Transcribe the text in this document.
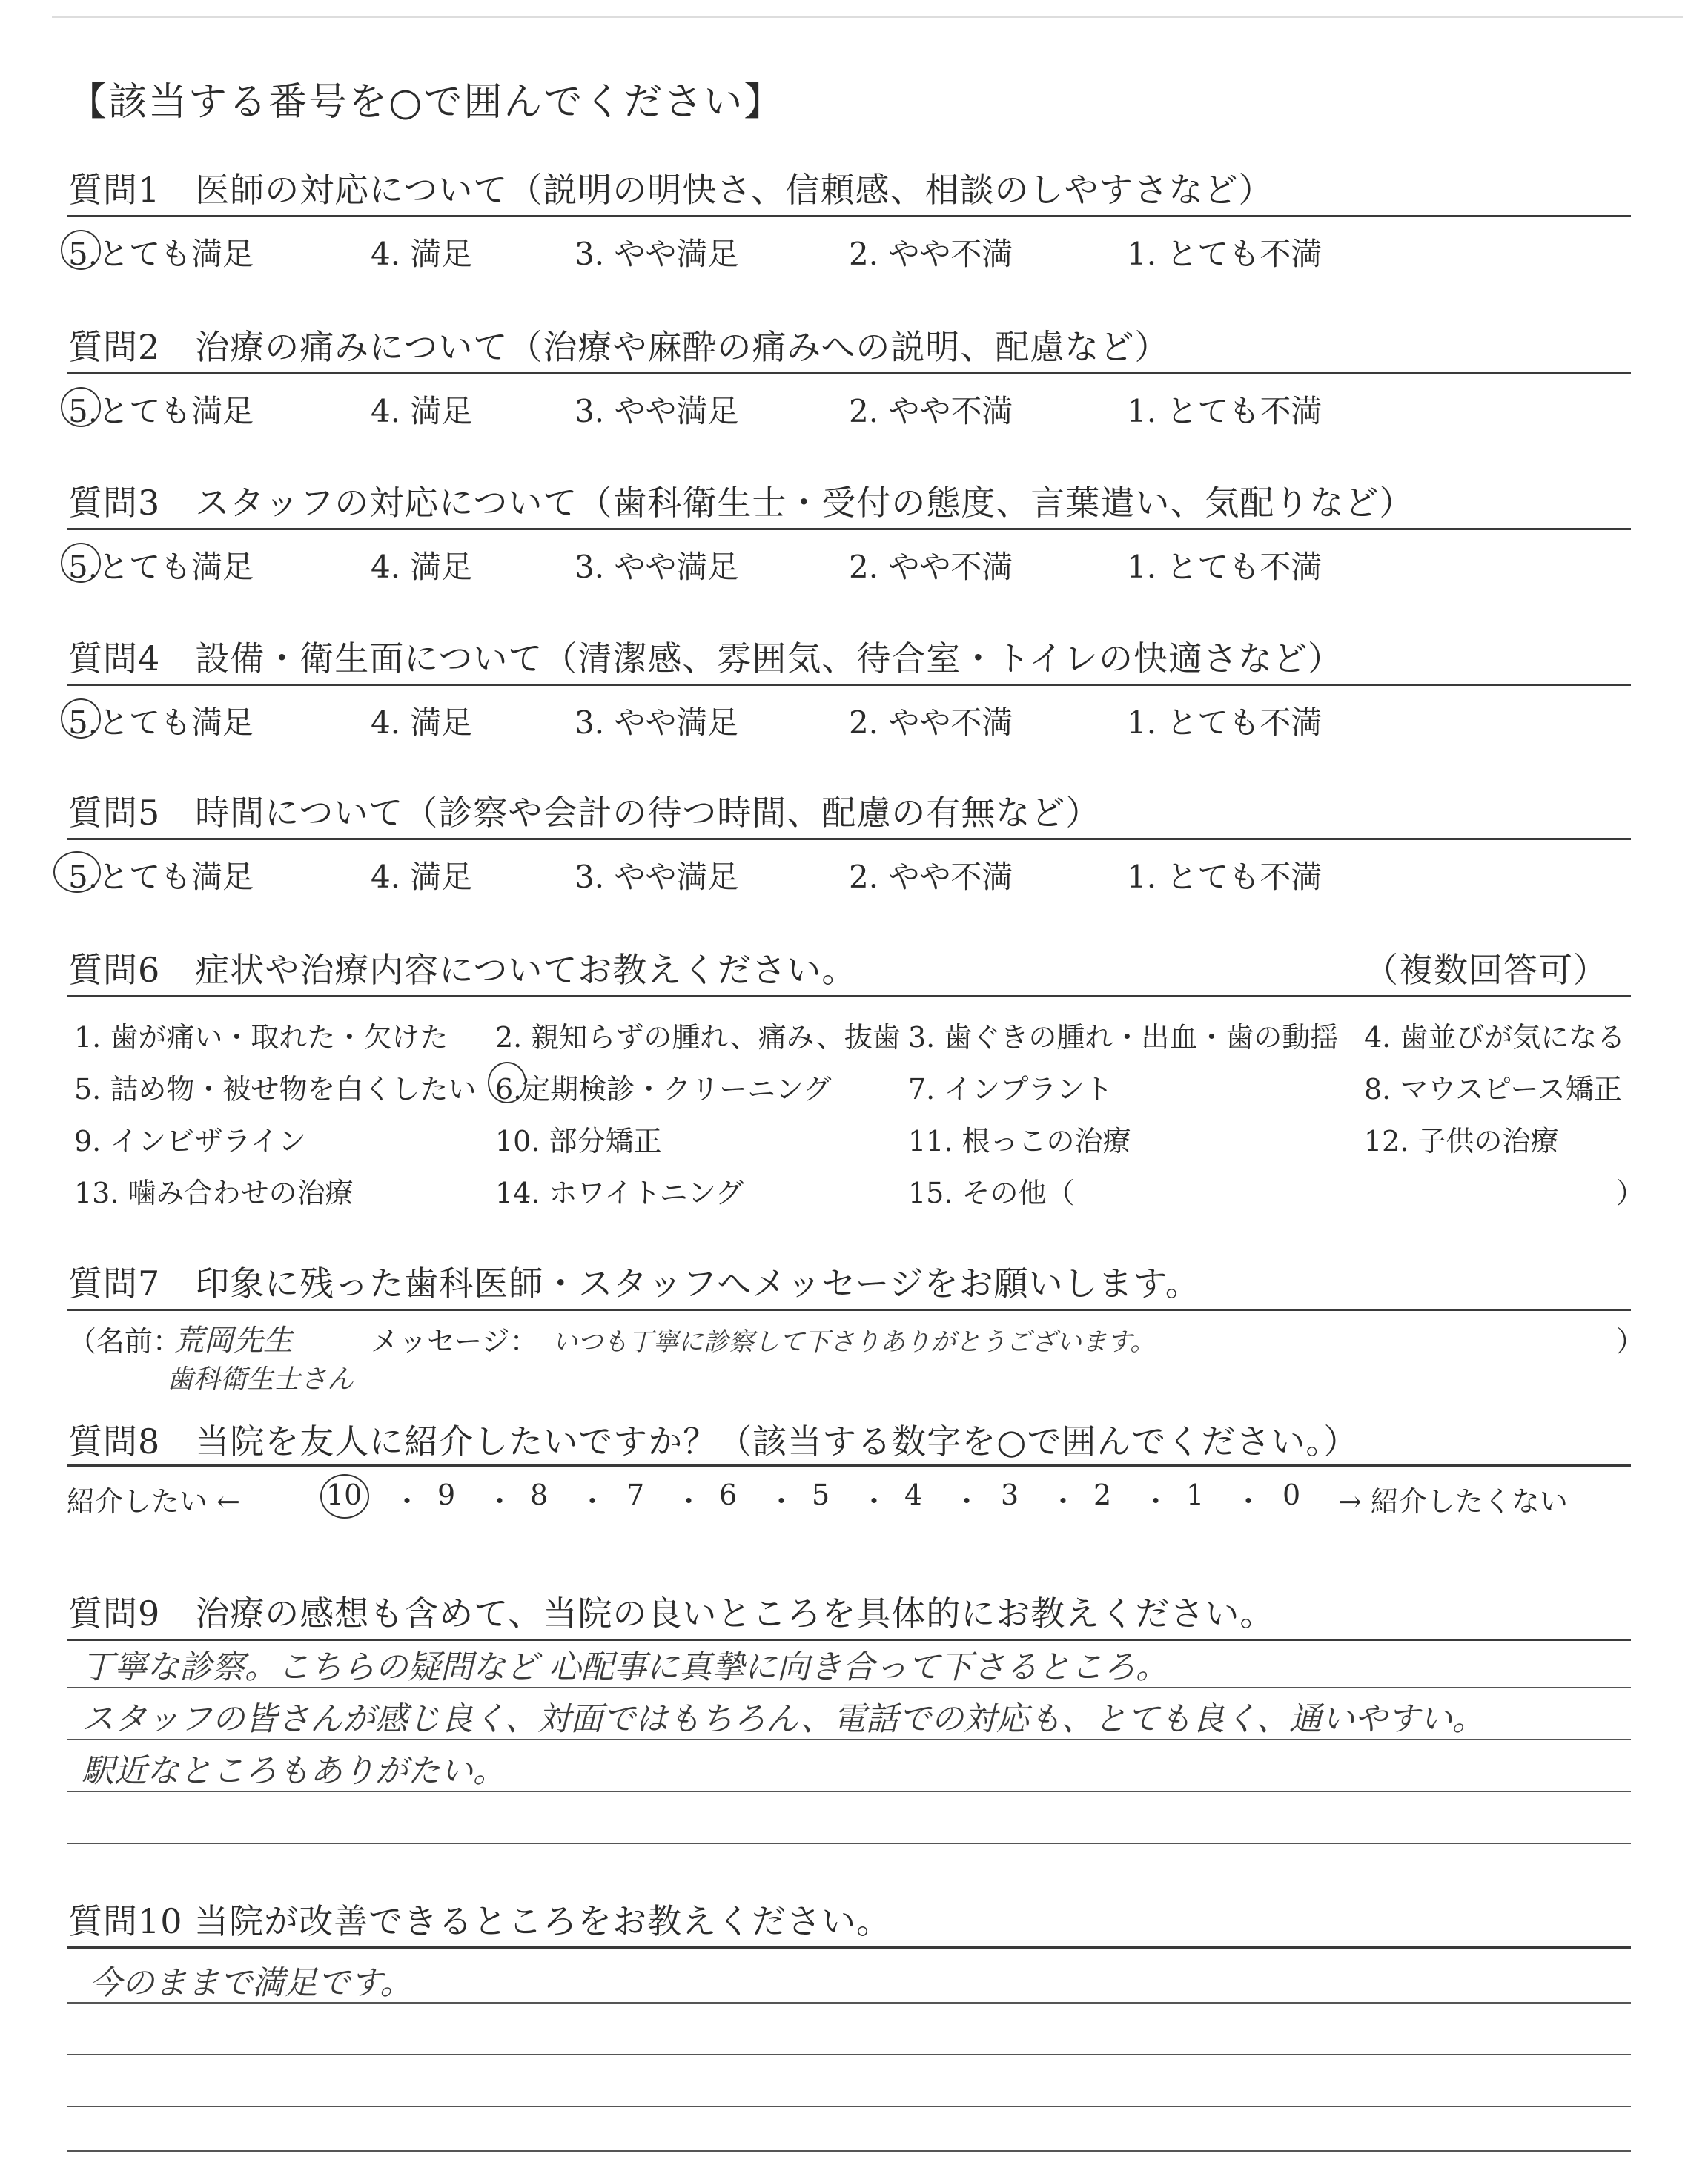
【該当する番号を○で囲んでください】
質問1　医師の対応について（説明の明快さ、信頼感、相談のしやすさなど）
5.とても満足	4. 満足	3. やや満足	2. やや不満	1. とても不満
質問2　治療の痛みについて（治療や麻酔の痛みへの説明、配慮など）
5.とても満足	4. 満足	3. やや満足	2. やや不満	1. とても不満
質問3　スタッフの対応について（歯科衛生士・受付の態度、言葉遣い、気配りなど）
5.とても満足	4. 満足	3. やや満足	2. やや不満	1. とても不満
質問4　設備・衛生面について（清潔感、雰囲気、待合室・トイレの快適さなど）
5.とても満足	4. 満足	3. やや満足	2. やや不満	1. とても不満
質問5　時間について（診察や会計の待つ時間、配慮の有無など）
5.とても満足	4. 満足	3. やや満足	2. やや不満	1. とても不満
質問6　症状や治療内容についてお教えください。	（複数回答可）
1. 歯が痛い・取れた・欠けた 2. 親知らずの腫れ、痛み、抜歯 3. 歯ぐきの腫れ・出血・歯の動揺 4. 歯並びが気になる
5. 詰め物・被せ物を白くしたい 6.定期検診・クリーニング	7. インプラント	8. マウスピース矯正
9. インビザライン	10. 部分矯正	11. 根っこの治療	12. 子供の治療
13. 噛み合わせの治療	14. ホワイトニング	15. その他（	）
質問7　印象に残った歯科医師・スタッフへメッセージをお願いします。
（名前：
荒岡先生
歯科衛生士さん
メッセージ： いつも丁寧に診察して下さりありがとうございます。	）
質問8　当院を友人に紹介したいですか？（該当する数字を○で囲んでください。）
紹介したい ←	10 ・ 9 ・ 8 ・ 7 ・ 6 ・ 5 ・ 4 ・ 3 ・ 2 ・ 1 ・ 0 → 紹介したくない
質問9　治療の感想も含めて、当院の良いところを具体的にお教えください。
丁寧な診察。こちらの疑問など 心配事に真摯に向き合って下さるところ。
スタッフの皆さんが感じ良く、対面ではもちろん、電話での対応も、とても良く、通いやすい。
駅近なところもありがたい。
質問10 当院が改善できるところをお教えください。
今のままで満足です。
